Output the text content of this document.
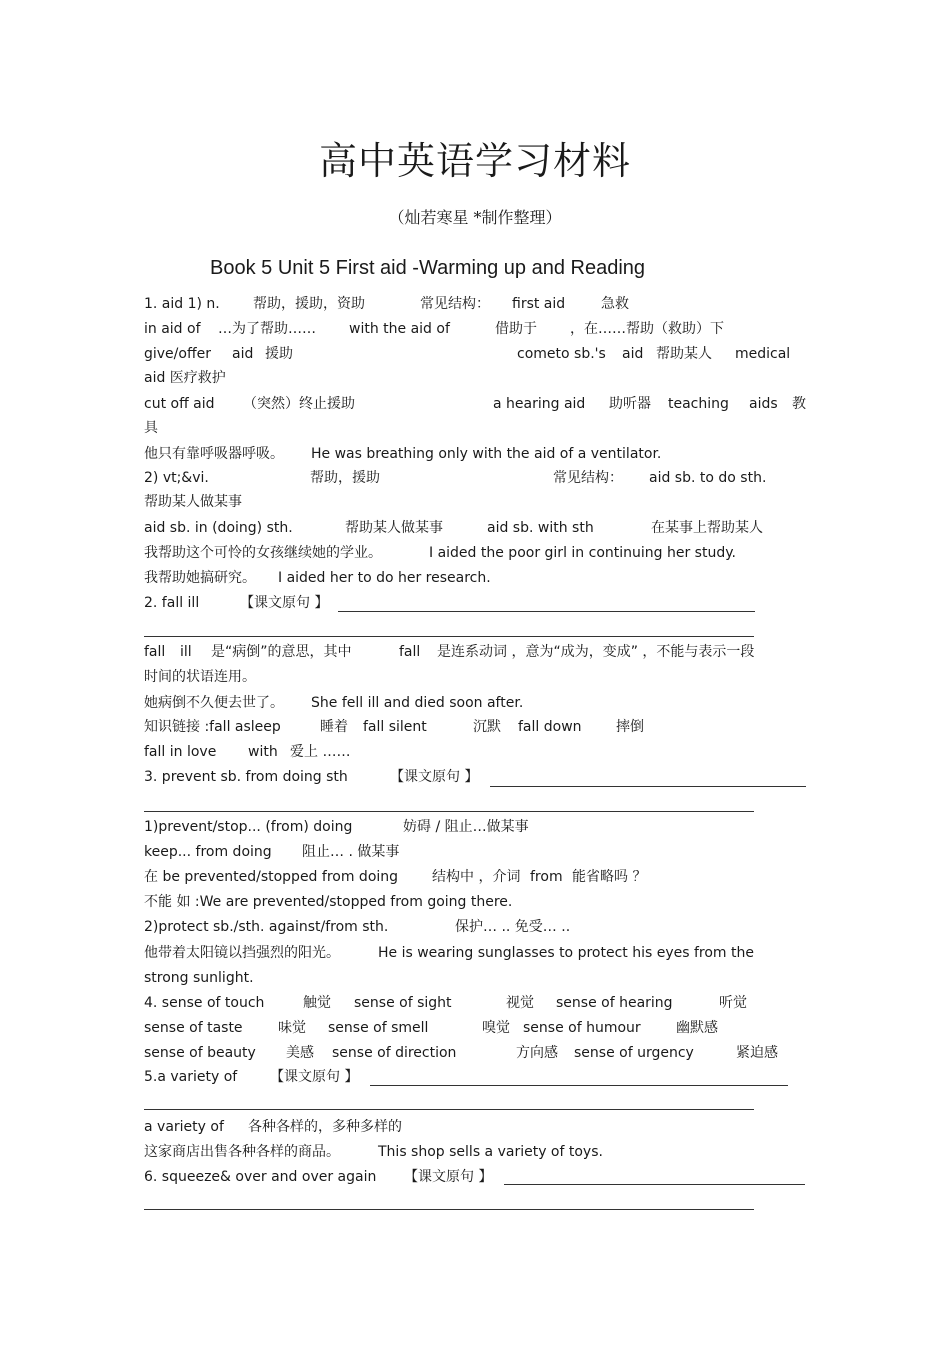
高中英语学习材料
（灿若寒星 *制作整理）
Book 5 Unit 5 First aid -Warming up and Reading
1. aid 1) n. 帮助，援助，资助	常见结构： first aid	急救
in aid of …为了帮助…… with the aid of	借助于 ，在……帮助（救助）下
give/offer aid 援助	cometo sb.'s aid 帮助某人 medical
aid 医疗救护
cut off aid （突然）终止援助	a hearing aid 助听器 teaching aids 教
具
他只有靠呼吸器呼吸。 He was breathing only with the aid of a ventilator.
2) vt;&vi.	帮助，援助	常见结构： aid sb. to do sth.
帮助某人做某事
aid sb. in (doing) sth.	帮助某人做某事	aid sb. with sth	在某事上帮助某人
我帮助这个可怜的女孩继续她的学业。	I aided the poor girl in continuing her study.
我帮助她搞研究。 I aided her to do her research.
2. fall ill	【课文原句 】
fall ill 是“病倒”的意思，其中	fall 是连系动词 ，意为“成为，变成” ，不能与表示一段
时间的状语连用。
她病倒不久便去世了。 She fell ill and died soon after.
知识链接 :fall asleep	睡着 fall silent	沉默 fall down 摔倒
fall in love with 爱上 ……
3. prevent sb. from doing sth	【课文原句 】
1)prevent/stop... (from) doing	妨碍 / 阻止…做某事
keep... from doing 阻止… . 做某事
在 be prevented/stopped from doing 结构中 ，介词 from 能省略吗 ？
不能 如 :We are prevented/stopped from going there.
2)protect sb./sth. against/from sth.	保护… .. 免受… ..
他带着太阳镜以挡强烈的阳光。	He is wearing sunglasses to protect his eyes from the
strong sunlight.
4. sense of touch	触觉 sense of sight	视觉 sense of hearing	听觉
sense of taste	味觉 sense of smell	嗅觉 sense of humour	幽默感
sense of beauty 美感 sense of direction	方向感 sense of urgency	紧迫感
5.a variety of 【课文原句 】
a variety of 各种各样的，多种多样的
这家商店出售各种各样的商品。	This shop sells a variety of toys.
6. squeeze& over and over again 【课文原句 】
